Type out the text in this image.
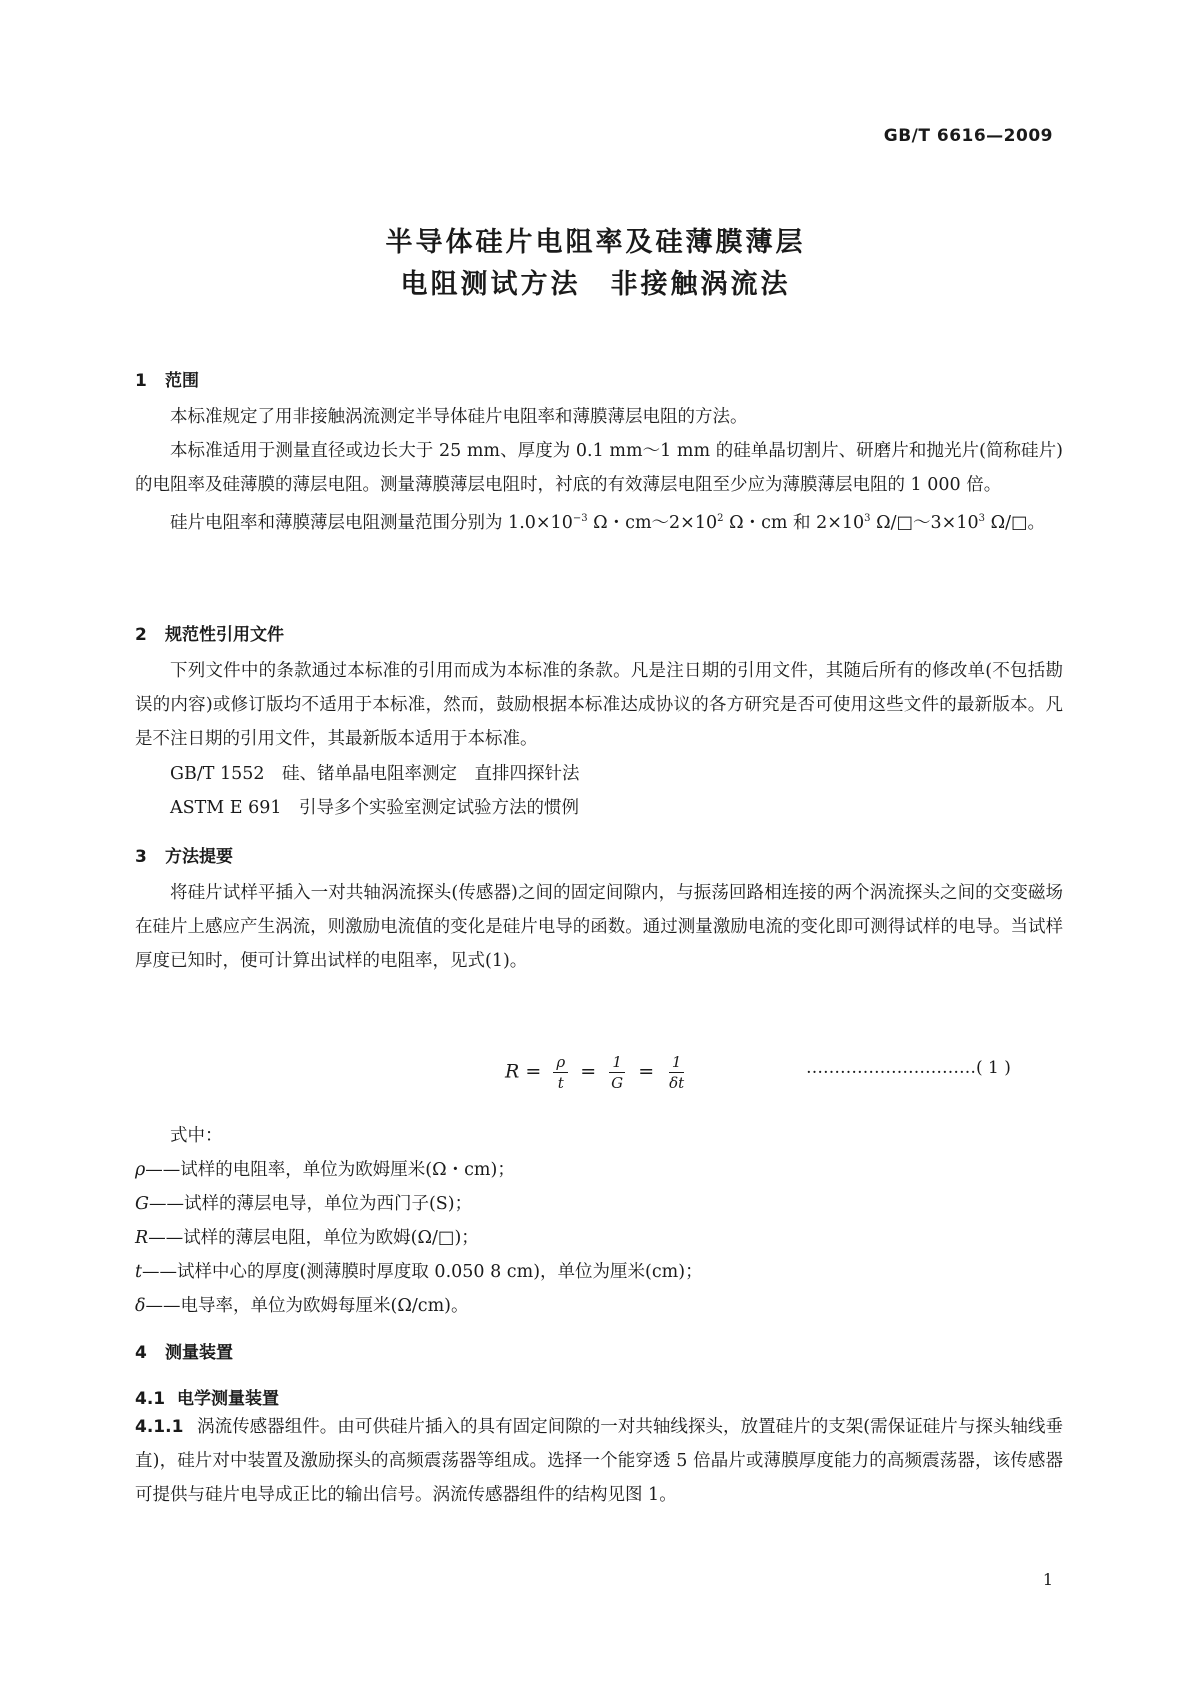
GB/T 6616—2009
半导体硅片电阻率及硅薄膜薄层
电阻测试方法　非接触涡流法
1 范围

本标准规定了用非接触涡流测定半导体硅片电阻率和薄膜薄层电阻的方法。

本标准适用于测量直径或边长大于 25 mm、厚度为 0.1 mm～1 mm 的硅单晶切割片、研磨片和抛光片(简称硅片)的电阻率及硅薄膜的薄层电阻。测量薄膜薄层电阻时，衬底的有效薄层电阻至少应为薄膜薄层电阻的 1 000 倍。

硅片电阻率和薄膜薄层电阻测量范围分别为 $1.0\times 10^{-3}$ Ω・$cm\sim 2\times 10^2$ Ω・cm 和 $2\times 10^3$ $\Omega/□\sim 3\times 10^3$ Ω/□。

2 规范性引用文件

下列文件中的条款通过本标准的引用而成为本标准的条款。凡是注日期的引用文件，其随后所有的修改单(不包括勘误的内容)或修订版均不适用于本标准，然而，鼓励根据本标准达成协议的各方研究是否可使用这些文件的最新版本。凡是不注日期的引用文件，其最新版本适用于本标准。

GB/T 1552　硅、锗单晶电阻率测定　直排四探针法
ASTM E 691　引导多个实验室测定试验方法的惯例
3 方法提要

将硅片试样平插入一对共轴涡流探头(传感器)之间的固定间隙内，与振荡回路相连接的两个涡流探头之间的交变磁场在硅片上感应产生涡流，则激励电流值的变化是硅片电导的函数。通过测量激励电流的变化即可测得试样的电导。当试样厚度已知时，便可计算出试样的电阻率，见式(1)。

$R = \frac{\rho}{t} = \frac{1}{G} = \frac{1}{\delta t}$	…………………………( 1 )
式中：
ρ——试样的电阻率，单位为欧姆厘米(Ω・cm)；
G——试样的薄层电导，单位为西门子(S)；
R——试样的薄层电阻，单位为欧姆(Ω/□)；
t——试样中心的厚度(测薄膜时厚度取 0.050 8 cm)，单位为厘米(cm)；
δ——电导率，单位为欧姆每厘米(Ω/cm)。
4 测量装置
4.1 电学测量装置

4.1.1 涡流传感器组件。由可供硅片插入的具有固定间隙的一对共轴线探头，放置硅片的支架(需保证硅片与探头轴线垂直)，硅片对中装置及激励探头的高频震荡器等组成。选择一个能穿透 5 倍晶片或薄膜厚度能力的高频震荡器，该传感器可提供与硅片电导成正比的输出信号。涡流传感器组件的结构见图 1。

1
